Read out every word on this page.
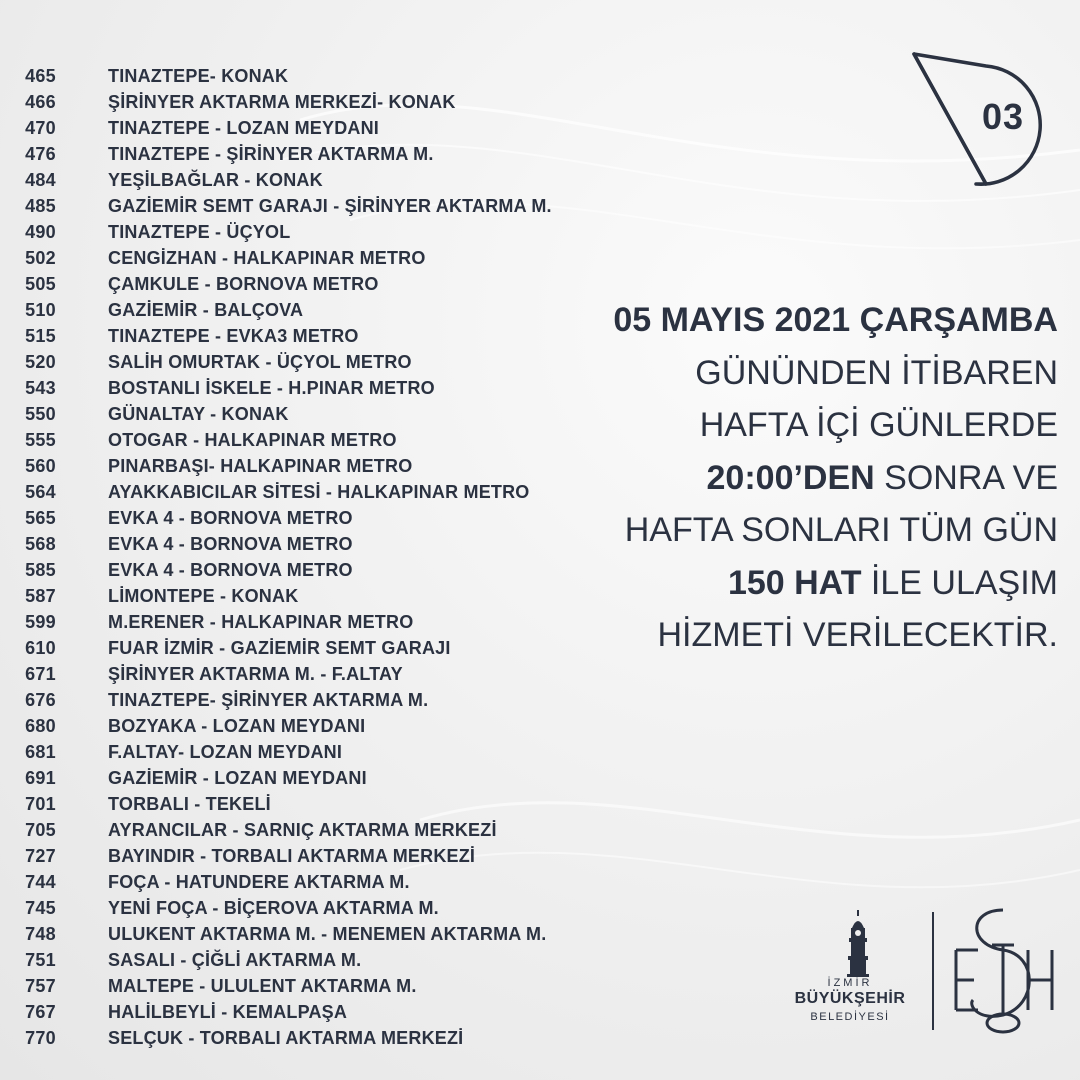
465	TINAZTEPE- KONAK
466	ŞİRİNYER AKTARMA MERKEZİ- KONAK
470	TINAZTEPE - LOZAN MEYDANI
476	TINAZTEPE - ŞİRİNYER AKTARMA M.
484	YEŞİLBAĞLAR - KONAK
485	GAZİEMİR SEMT GARAJI - ŞİRİNYER AKTARMA M.
490	TINAZTEPE - ÜÇYOL
502	CENGİZHAN - HALKAPINAR METRO
505	ÇAMKULE - BORNOVA METRO
510	GAZİEMİR - BALÇOVA
515	TINAZTEPE - EVKA3 METRO
520	SALİH OMURTAK - ÜÇYOL METRO
543	BOSTANLI İSKELE - H.PINAR METRO
550	GÜNALTAY - KONAK
555	OTOGAR - HALKAPINAR METRO
560	PINARBAŞI- HALKAPINAR METRO
564	AYAKKABICILAR SİTESİ - HALKAPINAR METRO
565	EVKA 4 - BORNOVA METRO
568	EVKA 4 - BORNOVA METRO
585	EVKA 4 - BORNOVA METRO
587	LİMONTEPE - KONAK
599	M.ERENER - HALKAPINAR METRO
610	FUAR İZMİR - GAZİEMİR SEMT GARAJI
671	ŞİRİNYER AKTARMA M. - F.ALTAY
676	TINAZTEPE- ŞİRİNYER AKTARMA M.
680	BOZYAKA - LOZAN MEYDANI
681	F.ALTAY- LOZAN MEYDANI
691	GAZİEMİR - LOZAN MEYDANI
701	TORBALI - TEKELİ
705	AYRANCILAR - SARNIÇ AKTARMA MERKEZİ
727	BAYINDIR - TORBALI AKTARMA MERKEZİ
744	FOÇA - HATUNDERE AKTARMA M.
745	YENİ FOÇA - BİÇEROVA AKTARMA M.
748	ULUKENT AKTARMA M. - MENEMEN AKTARMA M.
751	SASALI - ÇİĞLİ AKTARMA M.
757	MALTEPE - ULULENT AKTARMA M.
767	HALİLBEYLİ - KEMALPAŞA
770	SELÇUK - TORBALI AKTARMA MERKEZİ
03
05 MAYIS 2021 ÇARŞAMBA
GÜNÜNDEN İTİBAREN
HAFTA İÇİ GÜNLERDE
20:00’DEN SONRA VE
HAFTA SONLARI TÜM GÜN
150 HAT İLE ULAŞIM
HİZMETİ VERİLECEKTİR.
İZMİR
BÜYÜKŞEHİR
BELEDİYESİ
